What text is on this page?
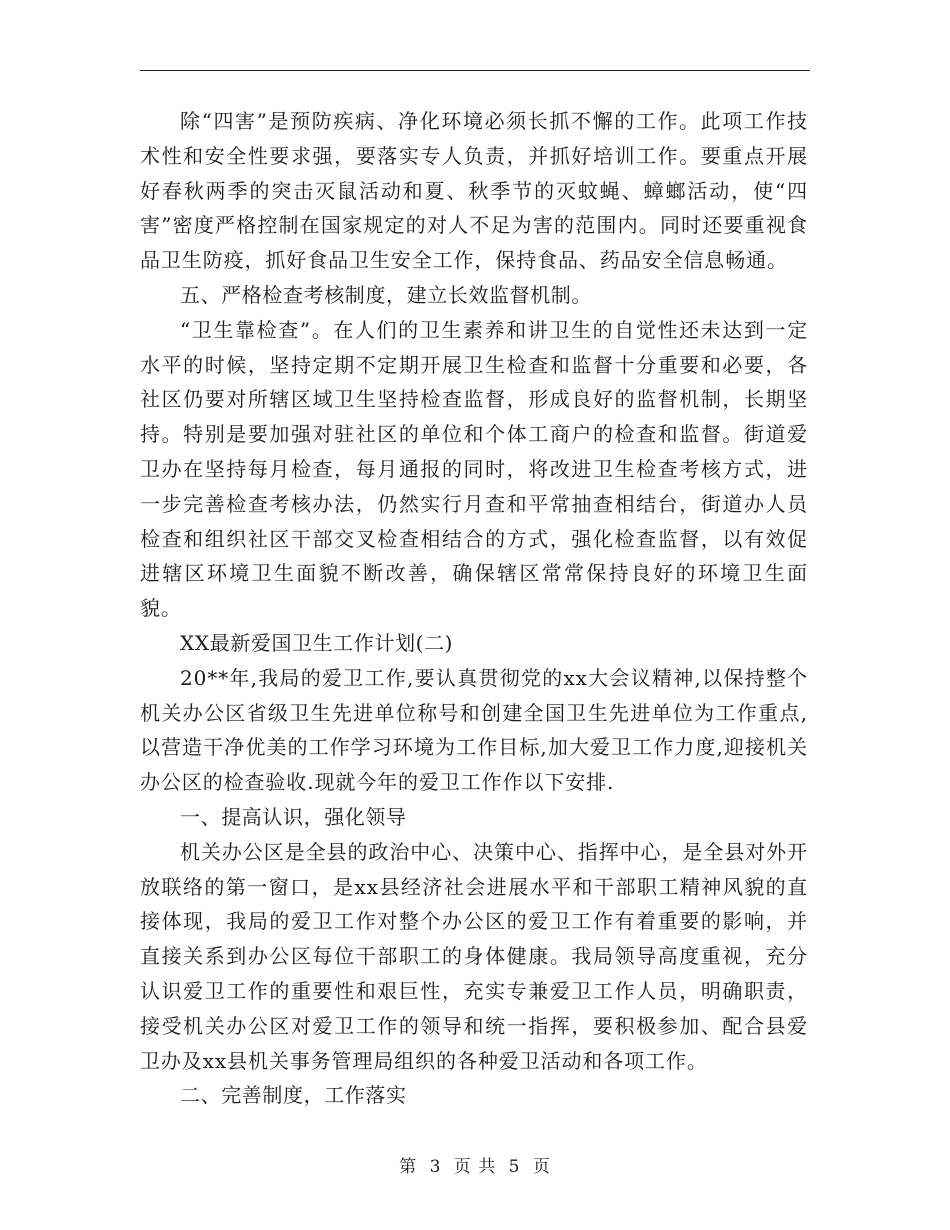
除“四害”是预防疾病、净化环境必须长抓不懈的工作。此项工作技术性和安全性要求强，要落实专人负责，并抓好培训工作。要重点开展好春秋两季的突击灭鼠活动和夏、秋季节的灭蚊蝇、蟑螂活动，使“四害”密度严格控制在国家规定的对人不足为害的范围内。同时还要重视食品卫生防疫，抓好食品卫生安全工作，保持食品、药品安全信息畅通。

五、严格检查考核制度，建立长效监督机制。

“卫生靠检查”。在人们的卫生素养和讲卫生的自觉性还未达到一定水平的时候，坚持定期不定期开展卫生检查和监督十分重要和必要，各社区仍要对所辖区域卫生坚持检查监督，形成良好的监督机制，长期坚持。特别是要加强对驻社区的单位和个体工商户的检查和监督。街道爱卫办在坚持每月检查，每月通报的同时，将改进卫生检查考核方式，进一步完善检查考核办法，仍然实行月查和平常抽查相结台，街道办人员检查和组织社区干部交叉检查相结合的方式，强化检查监督，以有效促进辖区环境卫生面貌不断改善，确保辖区常常保持良好的环境卫生面貌。

XX最新爱国卫生工作计划(二)

20**年,我局的爱卫工作,要认真贯彻党的xx大会议精神,以保持整个机关办公区省级卫生先进单位称号和创建全国卫生先进单位为工作重点,以营造干净优美的工作学习环境为工作目标,加大爱卫工作力度,迎接机关办公区的检查验收.现就今年的爱卫工作作以下安排.

一、提高认识，强化领导

机关办公区是全县的政治中心、决策中心、指挥中心，是全县对外开放联络的第一窗口，是xx县经济社会进展水平和干部职工精神风貌的直接体现，我局的爱卫工作对整个办公区的爱卫工作有着重要的影响，并直接关系到办公区每位干部职工的身体健康。我局领导高度重视，充分认识爱卫工作的重要性和艰巨性，充实专兼爱卫工作人员，明确职责，接受机关办公区对爱卫工作的领导和统一指挥，要积极参加、配合县爱卫办及xx县机关事务管理局组织的各种爱卫活动和各项工作。

二、完善制度，工作落实

第 3 页 共 5 页
